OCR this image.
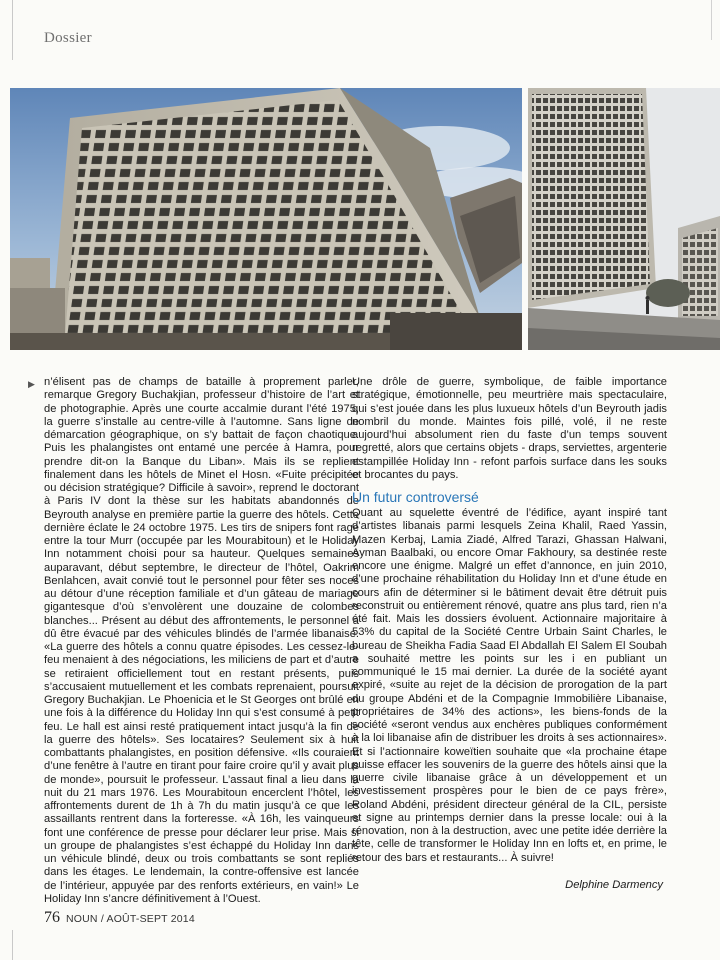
Dossier
▶ n’élisent pas de champs de bataille à proprement parler, remarque Gregory Buchakjian, professeur d’histoire de l’art et de photographie. Après une courte accalmie durant l’été 1975, la guerre s’installe au centre-ville à l’automne. Sans ligne de démarcation géographique, on s’y battait de façon chaotique. Puis les phalangistes ont entamé une percée à Hamra, pour prendre dit-on la Banque du Liban». Mais ils se replient finalement dans les hôtels de Minet el Hosn. «Fuite précipitée ou décision stratégique? Difficile à savoir», reprend le doctorant à Paris IV dont la thèse sur les habitats abandonnés de Beyrouth analyse en première partie la guerre des hôtels. Cette dernière éclate le 24 octobre 1975. Les tirs de snipers font rage entre la tour Murr (occupée par les Mourabitoun) et le Holiday Inn notamment choisi pour sa hauteur. Quelques semaines auparavant, début septembre, le directeur de l’hôtel, Oakrim Benlahcen, avait convié tout le personnel pour fêter ses noces au détour d’une réception familiale et d’un gâteau de mariage gigantesque d’où s’envolèrent une douzaine de colombes blanches... Présent au début des affrontements, le personnel a dû être évacué par des véhicules blindés de l’armée libanaise. «La guerre des hôtels a connu quatre épisodes. Les cessez-le-feu menaient à des négociations, les miliciens de part et d’autre se retiraient officiellement tout en restant présents, puis s’accusaient mutuellement et les combats reprenaient, poursuit Gregory Buchakjian. Le Phoenicia et le St Georges ont brûlé en une fois à la différence du Holiday Inn qui s’est consumé à petit feu. Le hall est ainsi resté pratiquement intact jusqu’à la fin de la guerre des hôtels». Ses locataires? Seulement six à huit combattants phalangistes, en position défensive. «Ils couraient d’une fenêtre à l’autre en tirant pour faire croire qu’il y avait plus de monde», poursuit le professeur. L’assaut final a lieu dans la nuit du 21 mars 1976. Les Mourabitoun encerclent l’hôtel, les affrontements durent de 1h à 7h du matin jusqu’à ce que les assaillants rentrent dans la forteresse. «À 16h, les vainqueurs font une conférence de presse pour déclarer leur prise. Mais si un groupe de phalangistes s’est échappé du Holiday Inn dans un véhicule blindé, deux ou trois combattants se sont repliés dans les étages. Le lendemain, la contre-offensive est lancée de l’intérieur, appuyée par des renforts extérieurs, en vain!» Le Holiday Inn s’ancre définitivement à l’Ouest.

Une drôle de guerre, symbolique, de faible importance stratégique, émotionnelle, peu meurtrière mais spectaculaire, qui s’est jouée dans les plus luxueux hôtels d’un Beyrouth jadis nombril du monde. Maintes fois pillé, volé, il ne reste aujourd’hui absolument rien du faste d’un temps souvent regretté, alors que certains objets - draps, serviettes, argenterie estampillée Holiday Inn - refont parfois surface dans les souks et brocantes du pays.

Un futur controversé

Quant au squelette éventré de l’édifice, ayant inspiré tant d’artistes libanais parmi lesquels Zeina Khalil, Raed Yassin, Mazen Kerbaj, Lamia Ziadé, Alfred Tarazi, Ghassan Halwani, Ayman Baalbaki, ou encore Omar Fakhoury, sa destinée reste encore une énigme. Malgré un effet d’annonce, en juin 2010, d’une prochaine réhabilitation du Holiday Inn et d’une étude en cours afin de déterminer si le bâtiment devait être détruit puis reconstruit ou entièrement rénové, quatre ans plus tard, rien n’a été fait. Mais les dossiers évoluent. Actionnaire majoritaire à 53% du capital de la Société Centre Urbain Saint Charles, le bureau de Sheikha Fadia Saad El Abdallah El Salem El Soubah a souhaité mettre les points sur les i en publiant un communiqué le 15 mai dernier. La durée de la société ayant expiré, «suite au rejet de la décision de prorogation de la part du groupe Abdéni et de la Compagnie Immobilière Libanaise, propriétaires de 34% des actions», les biens-fonds de la société «seront vendus aux enchères publiques conformément à la loi libanaise afin de distribuer les droits à ses actionnaires». Et si l’actionnaire koweïtien souhaite que «la prochaine étape puisse effacer les souvenirs de la guerre des hôtels ainsi que la guerre civile libanaise grâce à un développement et un investissement prospères pour le bien de ce pays frère», Roland Abdéni, président directeur général de la CIL, persiste et signe au printemps dernier dans la presse locale: oui à la rénovation, non à la destruction, avec une petite idée derrière la tête, celle de transformer le Holiday Inn en lofts et, en prime, le retour des bars et restaurants... À suivre!

Delphine Darmency

76 NOUN / AOÛT-SEPT 2014
